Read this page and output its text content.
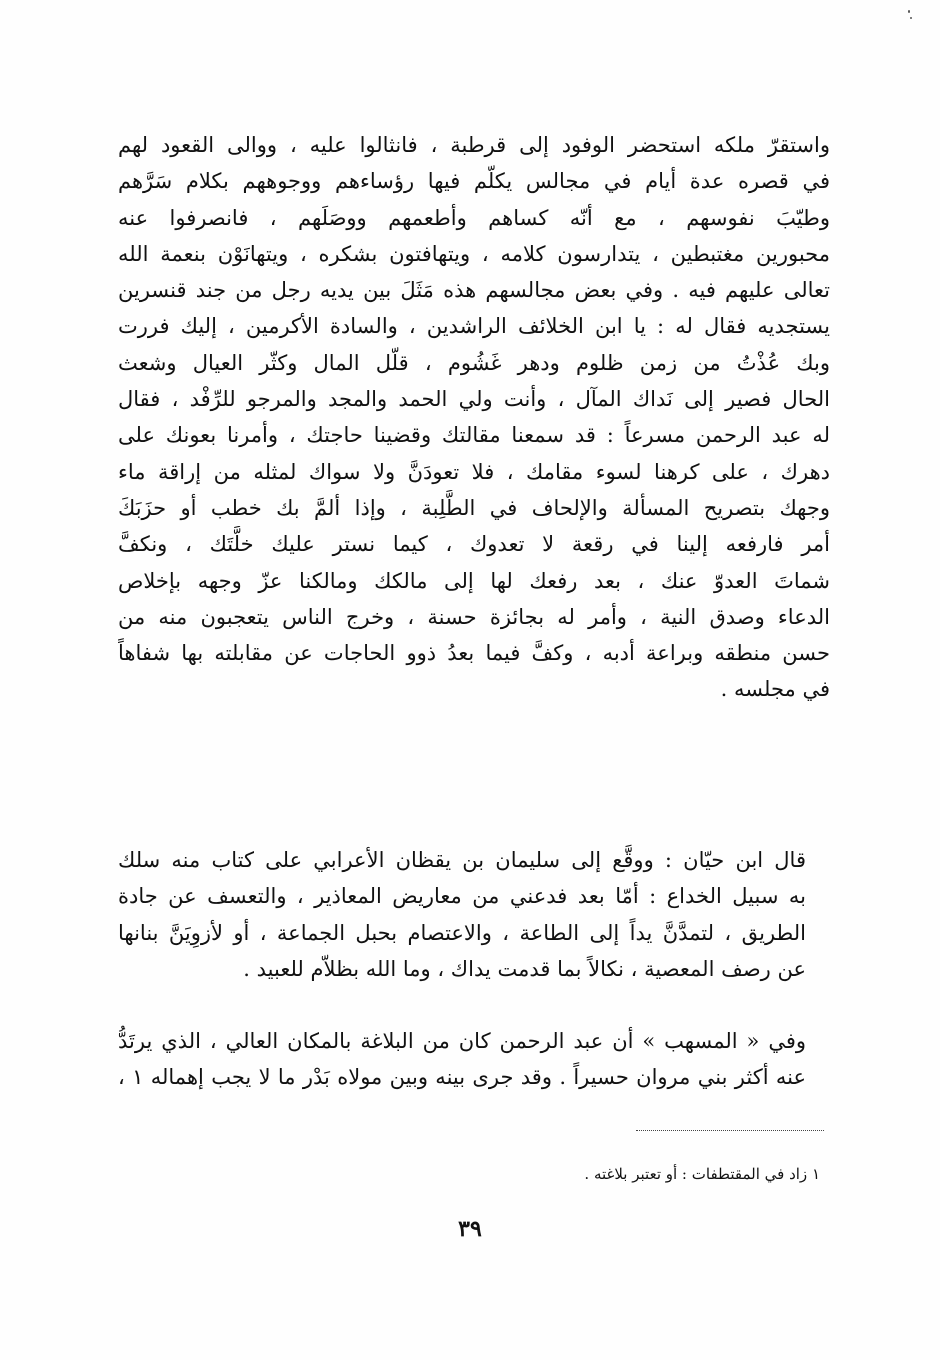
واستقرّ ملكه استحضر الوفود إلى قرطبة ، فانثالوا عليه ، ووالى القعود لهم
في قصره عدة أيام في مجالس يكلّم فيها رؤساءهم ووجوههم بكلام سَرَّهم
وطيّبَ نفوسهم ، مع أنّه كساهم وأطعمهم ووصَلَهم ، فانصرفوا عنه
محبورين مغتبطين ، يتدارسون كلامه ، ويتهافتون بشكره ، ويتهانَوْن بنعمة الله
تعالى عليهم فيه . وفي بعض مجالسهم هذه مَثَلَ بين يديه رجل من جند قنسرين
يستجديه فقال له : يا ابن الخلائف الراشدين ، والسادة الأكرمين ، إليك فررت
وبك عُذْتُ من زمن ظلوم ودهر غَشُوم ، قلّل المال وكثّر العيال وشعث
الحال فصير إلى نَداك المآل ، وأنت ولي الحمد والمجد والمرجو للرِّفْد ، فقال
له عبد الرحمن مسرعاً : قد سمعنا مقالتك وقضينا حاجتك ، وأمرنا بعونك على
دهرك ، على كرهنا لسوء مقامك ، فلا تعودَنَّ ولا سواك لمثله من إراقة ماء
وجهك بتصريح المسألة والإلحاف في الطَّلِبة ، وإذا ألمَّ بك خطب أو حزَبَكَ
أمر فارفعه إلينا في رقعة لا تعدوك ، كيما نستر عليك خلَّتَك ، ونكفَّ
شماتَ العدوّ عنك ، بعد رفعك لها إلى مالكك ومالكنا عزّ وجهه بإخلاص
الدعاء وصدق النية ، وأمر له بجائزة حسنة ، وخرج الناس يتعجبون منه من
حسن منطقه وبراعة أدبه ، وكفَّ فيما بعدُ ذوو الحاجات عن مقابلته بها شفاهاً
في مجلسه .
قال ابن حيّان : ووقَّع إلى سليمان بن يقظان الأعرابي على كتاب منه سلك
به سبيل الخداع : أمّا بعد فدعني من معاريض المعاذير ، والتعسف عن جادة
الطريق ، لتمدَّنَّ يداً إلى الطاعة ، والاعتصام بحبل الجماعة ، أو لأزوِيَنَّ بنانها
عن رصف المعصية ، نكالاً بما قدمت يداك ، وما الله بظلاّم للعبيد .
وفي « المسهب » أن عبد الرحمن كان من البلاغة بالمكان العالي ، الذي يرتَدُّ
عنه أكثر بني مروان حسيراً . وقد جرى بينه وبين مولاه بَدْر ما لا يجب إهماله ١ ،
١ زاد في المقتطفات : أو تعتبر بلاغته .
٣٩
